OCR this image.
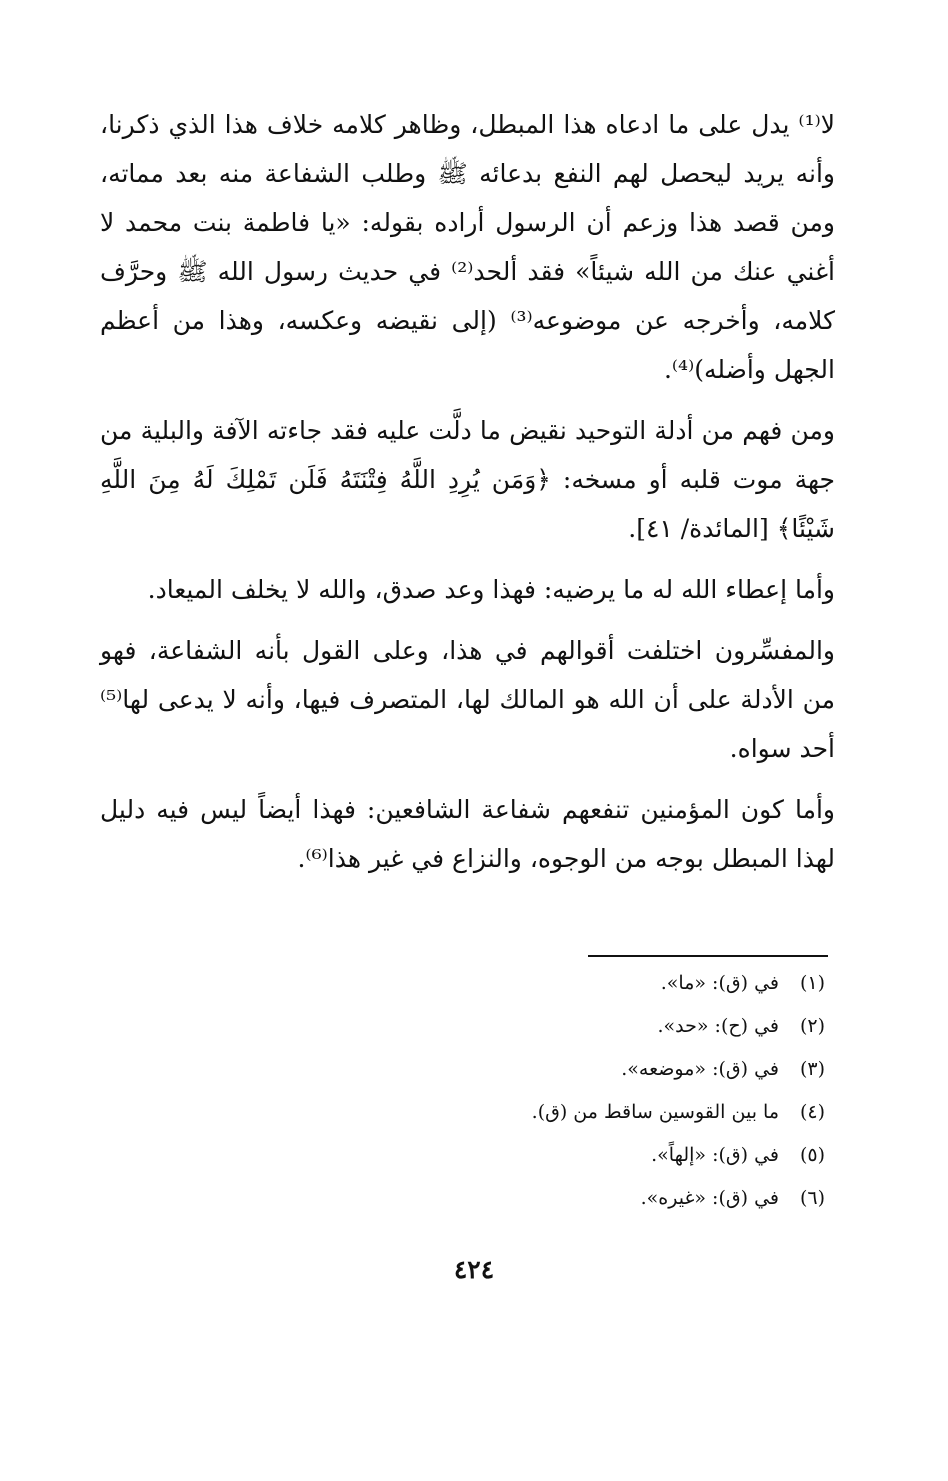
لا⁽¹⁾ يدل على ما ادعاه هذا المبطل، وظاهر كلامه خلاف هذا الذي ذكرنا، وأنه يريد ليحصل لهم النفع بدعائه ﷺ وطلب الشفاعة منه بعد مماته، ومن قصد هذا وزعم أن الرسول أراده بقوله: «يا فاطمة بنت محمد لا أغني عنك من الله شيئاً» فقد ألحد⁽²⁾ في حديث رسول الله ﷺ وحرَّف كلامه، وأخرجه عن موضوعه⁽³⁾ (إلى نقيضه وعكسه، وهذا من أعظم الجهل وأضله)⁽⁴⁾.

ومن فهم من أدلة التوحيد نقيض ما دلَّت عليه فقد جاءته الآفة والبلية من جهة موت قلبه أو مسخه: ﴿وَمَن يُرِدِ اللَّهُ فِتْنَتَهُ فَلَن تَمْلِكَ لَهُ مِنَ اللَّهِ شَيْئًا﴾ [المائدة/ ٤١].

وأما إعطاء الله له ما يرضيه: فهذا وعد صدق، والله لا يخلف الميعاد.

والمفسِّرون اختلفت أقوالهم في هذا، وعلى القول بأنه الشفاعة، فهو من الأدلة على أن الله هو المالك لها، المتصرف فيها، وأنه لا يدعى لها⁽⁵⁾ أحد سواه.

وأما كون المؤمنين تنفعهم شفاعة الشافعين: فهذا أيضاً ليس فيه دليل لهذا المبطل بوجه من الوجوه، والنزاع في غير هذا⁽⁶⁾.

(١)في (ق): «ما».
(٢)في (ح): «حد».
(٣)في (ق): «موضعه».
(٤)ما بين القوسين ساقط من (ق).
(٥)في (ق): «إلهاً».
(٦)في (ق): «غيره».
٤٢٤
